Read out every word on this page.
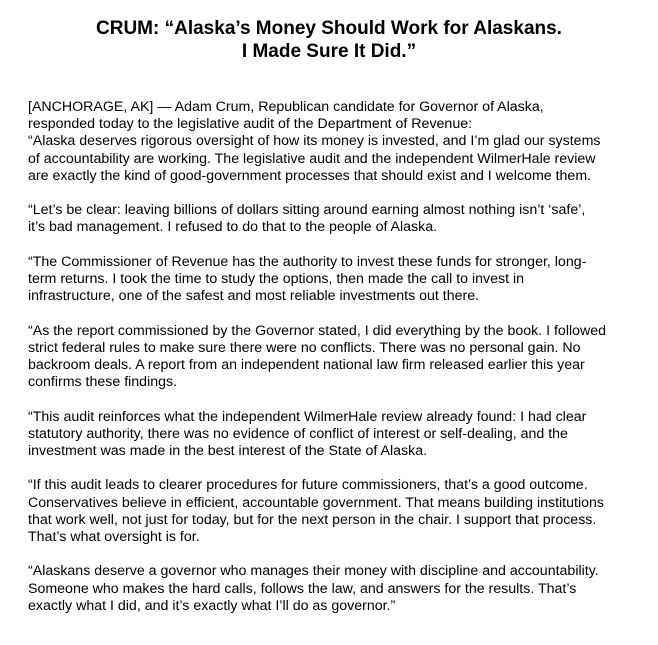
CRUM: “Alaska’s Money Should Work for Alaskans.
I Made Sure It Did.”
[ANCHORAGE, AK] — Adam Crum, Republican candidate for Governor of Alaska,
responded today to the legislative audit of the Department of Revenue:
“Alaska deserves rigorous oversight of how its money is invested, and I’m glad our systems
of accountability are working. The legislative audit and the independent WilmerHale review
are exactly the kind of good-government processes that should exist and I welcome them.
“Let’s be clear: leaving billions of dollars sitting around earning almost nothing isn’t ‘safe’,
it’s bad management. I refused to do that to the people of Alaska.
“The Commissioner of Revenue has the authority to invest these funds for stronger, long-
term returns. I took the time to study the options, then made the call to invest in
infrastructure, one of the safest and most reliable investments out there.
“As the report commissioned by the Governor stated, I did everything by the book. I followed
strict federal rules to make sure there were no conflicts. There was no personal gain. No
backroom deals. A report from an independent national law firm released earlier this year
confirms these findings.
“This audit reinforces what the independent WilmerHale review already found: I had clear
statutory authority, there was no evidence of conflict of interest or self-dealing, and the
investment was made in the best interest of the State of Alaska.
“If this audit leads to clearer procedures for future commissioners, that’s a good outcome.
Conservatives believe in efficient, accountable government. That means building institutions
that work well, not just for today, but for the next person in the chair. I support that process.
That’s what oversight is for.
“Alaskans deserve a governor who manages their money with discipline and accountability.
Someone who makes the hard calls, follows the law, and answers for the results. That’s
exactly what I did, and it’s exactly what I’ll do as governor.”
